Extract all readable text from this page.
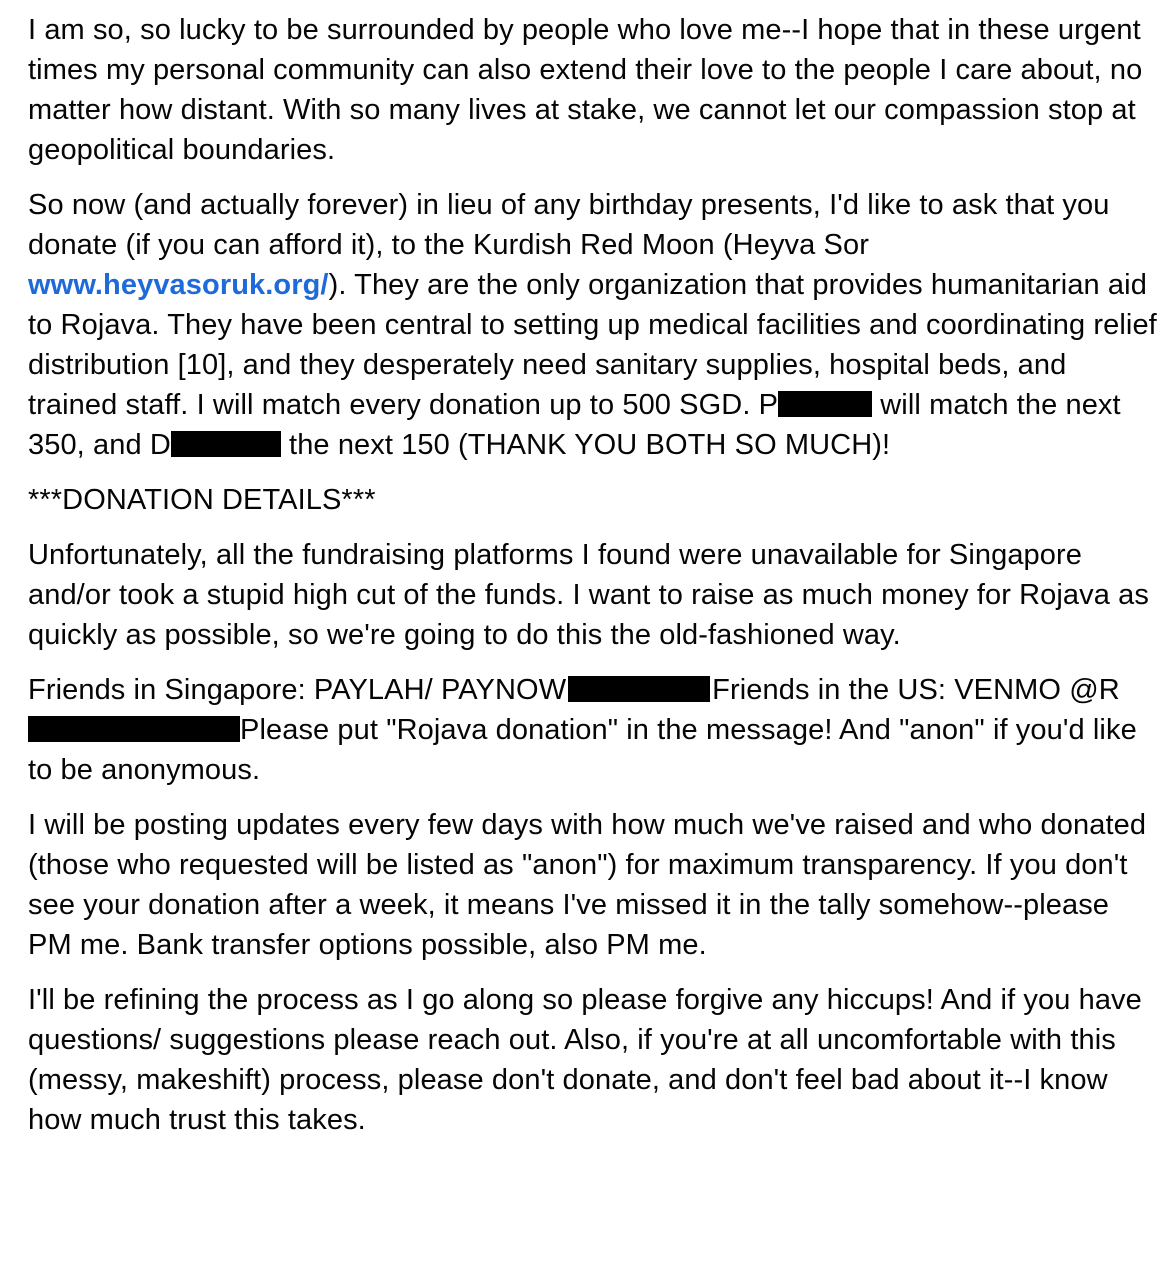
I am so, so lucky to be surrounded by people who love me--I hope that in these urgent times my personal community can also extend their love to the people I care about, no matter how distant. With so many lives at stake, we cannot let our compassion stop at geopolitical boundaries.

So now (and actually forever) in lieu of any birthday presents, I'd like to ask that you donate (if you can afford it), to the Kurdish Red Moon (Heyva Sor www.heyvasoruk.org/). They are the only organization that provides humanitarian aid to Rojava. They have been central to setting up medical facilities and coordinating relief distribution [10], and they desperately need sanitary supplies, hospital beds, and trained staff. I will match every donation up to 500 SGD. P	will match the next 350, and D	the next 150 (THANK YOU BOTH SO MUCH)!

***DONATION DETAILS***

Unfortunately, all the fundraising platforms I found were unavailable for Singapore and/or took a stupid high cut of the funds. I want to raise as much money for Rojava as quickly as possible, so we're going to do this the old-fashioned way.

Friends in Singapore: PAYLAH/ PAYNOW	Friends in the US: VENMO @RPlease put "Rojava donation" in the message! And "anon" if you'd like to be anonymous.

I will be posting updates every few days with how much we've raised and who donated (those who requested will be listed as "anon") for maximum transparency. If you don't see your donation after a week, it means I've missed it in the tally somehow--please PM me. Bank transfer options possible, also PM me.

I'll be refining the process as I go along so please forgive any hiccups! And if you have questions/ suggestions please reach out. Also, if you're at all uncomfortable with this (messy, makeshift) process, please don't donate, and don't feel bad about it--I know how much trust this takes.
